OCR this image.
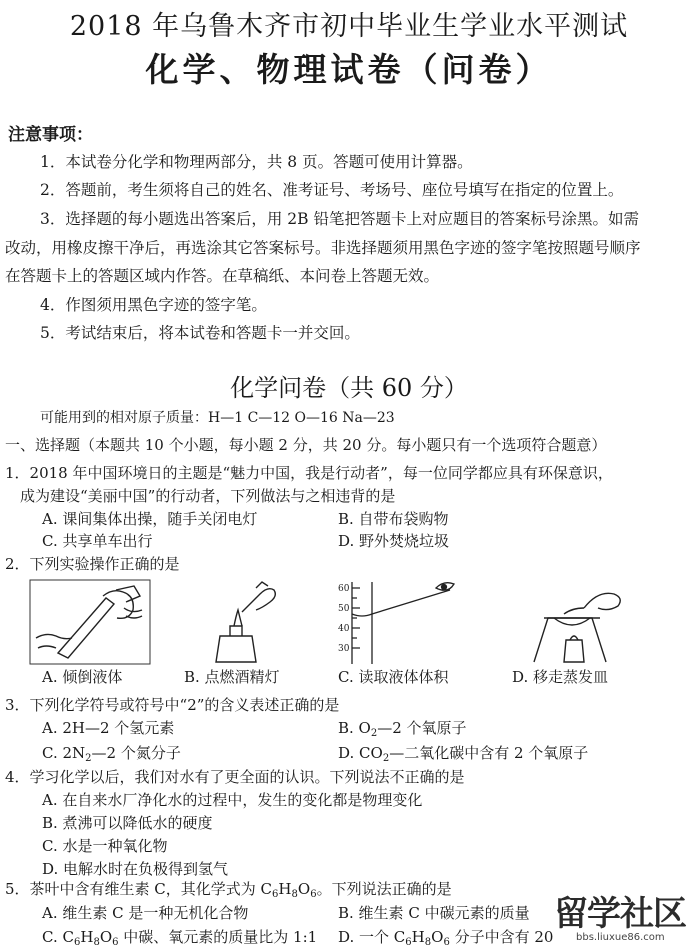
2018 年乌鲁木齐市初中毕业生学业水平测试
化学、物理试卷（问卷）
注意事项：
1．本试卷分化学和物理两部分，共 8 页。答题可使用计算器。
2．答题前，考生须将自己的姓名、准考证号、考场号、座位号填写在指定的位置上。
3．选择题的每小题选出答案后，用 2B 铅笔把答题卡上对应题目的答案标号涂黑。如需
改动，用橡皮擦干净后，再选涂其它答案标号。非选择题须用黑色字迹的签字笔按照题号顺序
在答题卡上的答题区域内作答。在草稿纸、本问卷上答题无效。
4．作图须用黑色字迹的签字笔。
5．考试结束后，将本试卷和答题卡一并交回。
化学问卷（共 60 分）
可能用到的相对原子质量：H—1 C—12 O—16 Na—23
一、选择题（本题共 10 个小题，每小题 2 分，共 20 分。每小题只有一个选项符合题意）
1．2018 年中国环境日的主题是“魅力中国，我是行动者”，每一位同学都应具有环保意识，
成为建设“美丽中国”的行动者，下列做法与之相违背的是
A. 课间集体出操，随手关闭电灯	B. 自带布袋购物
C. 共享单车出行	D. 野外焚烧垃圾
2．下列实验操作正确的是
60
50
40
30
A. 倾倒液体	B. 点燃酒精灯	C. 读取液体体积	D. 移走蒸发皿
3．下列化学符号或符号中“2”的含义表述正确的是
A. 2H—2 个氢元素	B. $O_2—2$ 个氧原子
C. $2N_2—2$ 个氮分子	D. $CO_2—$二氧化碳中含有 2 个氧原子
4．学习化学以后，我们对水有了更全面的认识。下列说法不正确的是
A. 在自来水厂净化水的过程中，发生的变化都是物理变化
B. 煮沸可以降低水的硬度
C. 水是一种氧化物
D. 电解水时在负极得到氢气
5．茶叶中含有维生素 C，其化学式为 $C_6H_8O_6$。下列说法正确的是
A. 维生素 C 是一种无机化合物	B. 维生素 C 中碳元素的质量
C. $C_6H_8O_6$ 中碳、氧元素的质量比为 1:1 D. 一个 $C_6H_8O_6$ 分子中含有 20
留学社区
bbs.liuxue86.com
